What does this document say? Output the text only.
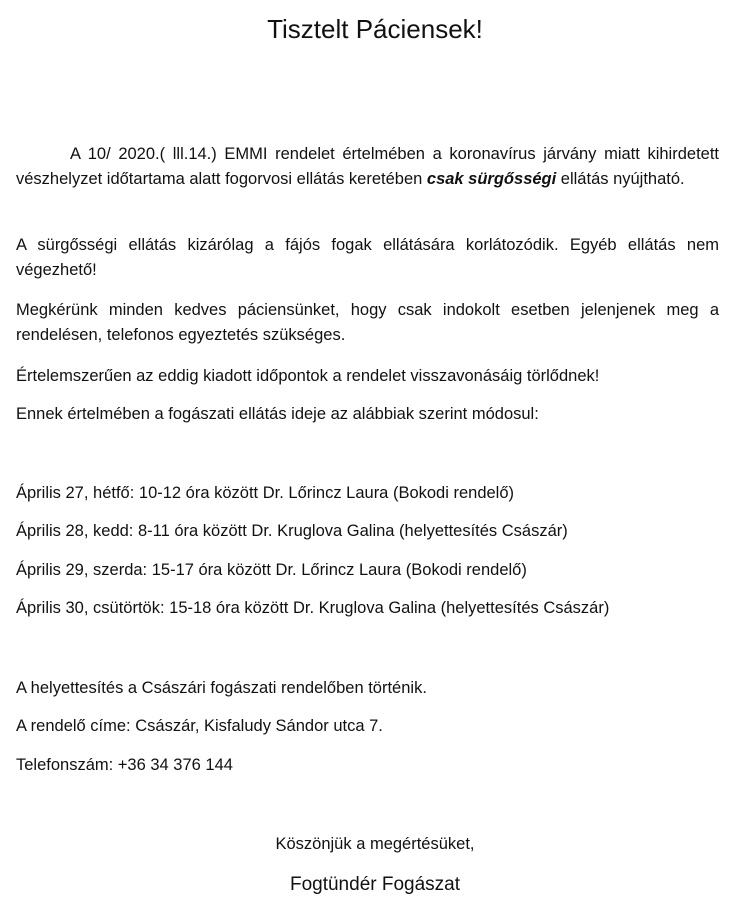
Tisztelt Páciensek!

A 10/ 2020.( lll.14.) EMMI rendelet értelmében a koronavírus járvány miatt kihirdetett vészhelyzet időtartama alatt fogorvosi ellátás keretében csak sürgősségi ellátás nyújtható.

A sürgősségi ellátás kizárólag a fájós fogak ellátására korlátozódik. Egyéb ellátás nem végezhető!

Megkérünk minden kedves páciensünket, hogy csak indokolt esetben jelenjenek meg a rendelésen, telefonos egyeztetés szükséges.

Értelemszerűen az eddig kiadott időpontok a rendelet visszavonásáig törlődnek!

Ennek értelmében a fogászati ellátás ideje az alábbiak szerint módosul:

Április 27, hétfő: 10-12 óra között Dr. Lőrincz Laura (Bokodi rendelő)

Április 28, kedd: 8-11 óra között Dr. Kruglova Galina (helyettesítés Császár)

Április 29, szerda: 15-17 óra között Dr. Lőrincz Laura (Bokodi rendelő)

Április 30, csütörtök: 15-18 óra között Dr. Kruglova Galina (helyettesítés Császár)

A helyettesítés a Császári fogászati rendelőben történik.

A rendelő címe: Császár, Kisfaludy Sándor utca 7.

Telefonszám: +36 34 376 144

Köszönjük a megértésüket,

Fogtündér Fogászat
